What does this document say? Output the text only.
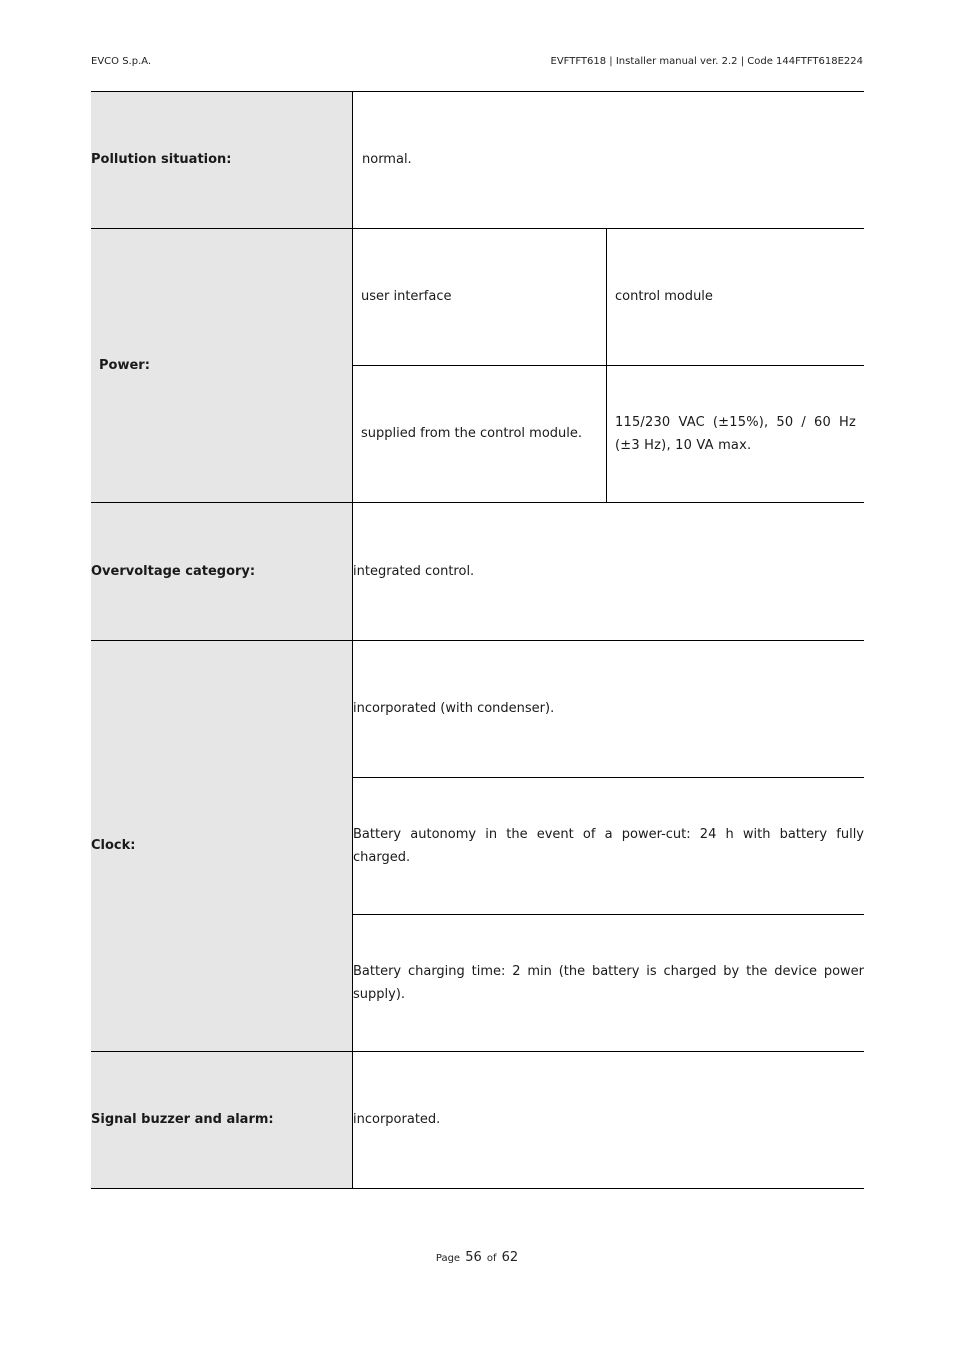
EVCO S.p.A.	EVFTFT618 | Installer manual ver. 2.2 | Code 144FTFT618E224
Pollution situation:
Power:
Overvoltage category:
Clock:
Signal buzzer and alarm:
normal.
user interface	control module
supplied from the control module.
115/230 VAC (±15%), 50 / 60 Hz (±3 Hz), 10 VA max.
integrated control.
incorporated (with condenser).
Battery autonomy in the event of a power-cut: 24 h with battery fully charged.
Battery charging time: 2 min (the battery is charged by the device power supply).
incorporated.
Page 56 of 62
